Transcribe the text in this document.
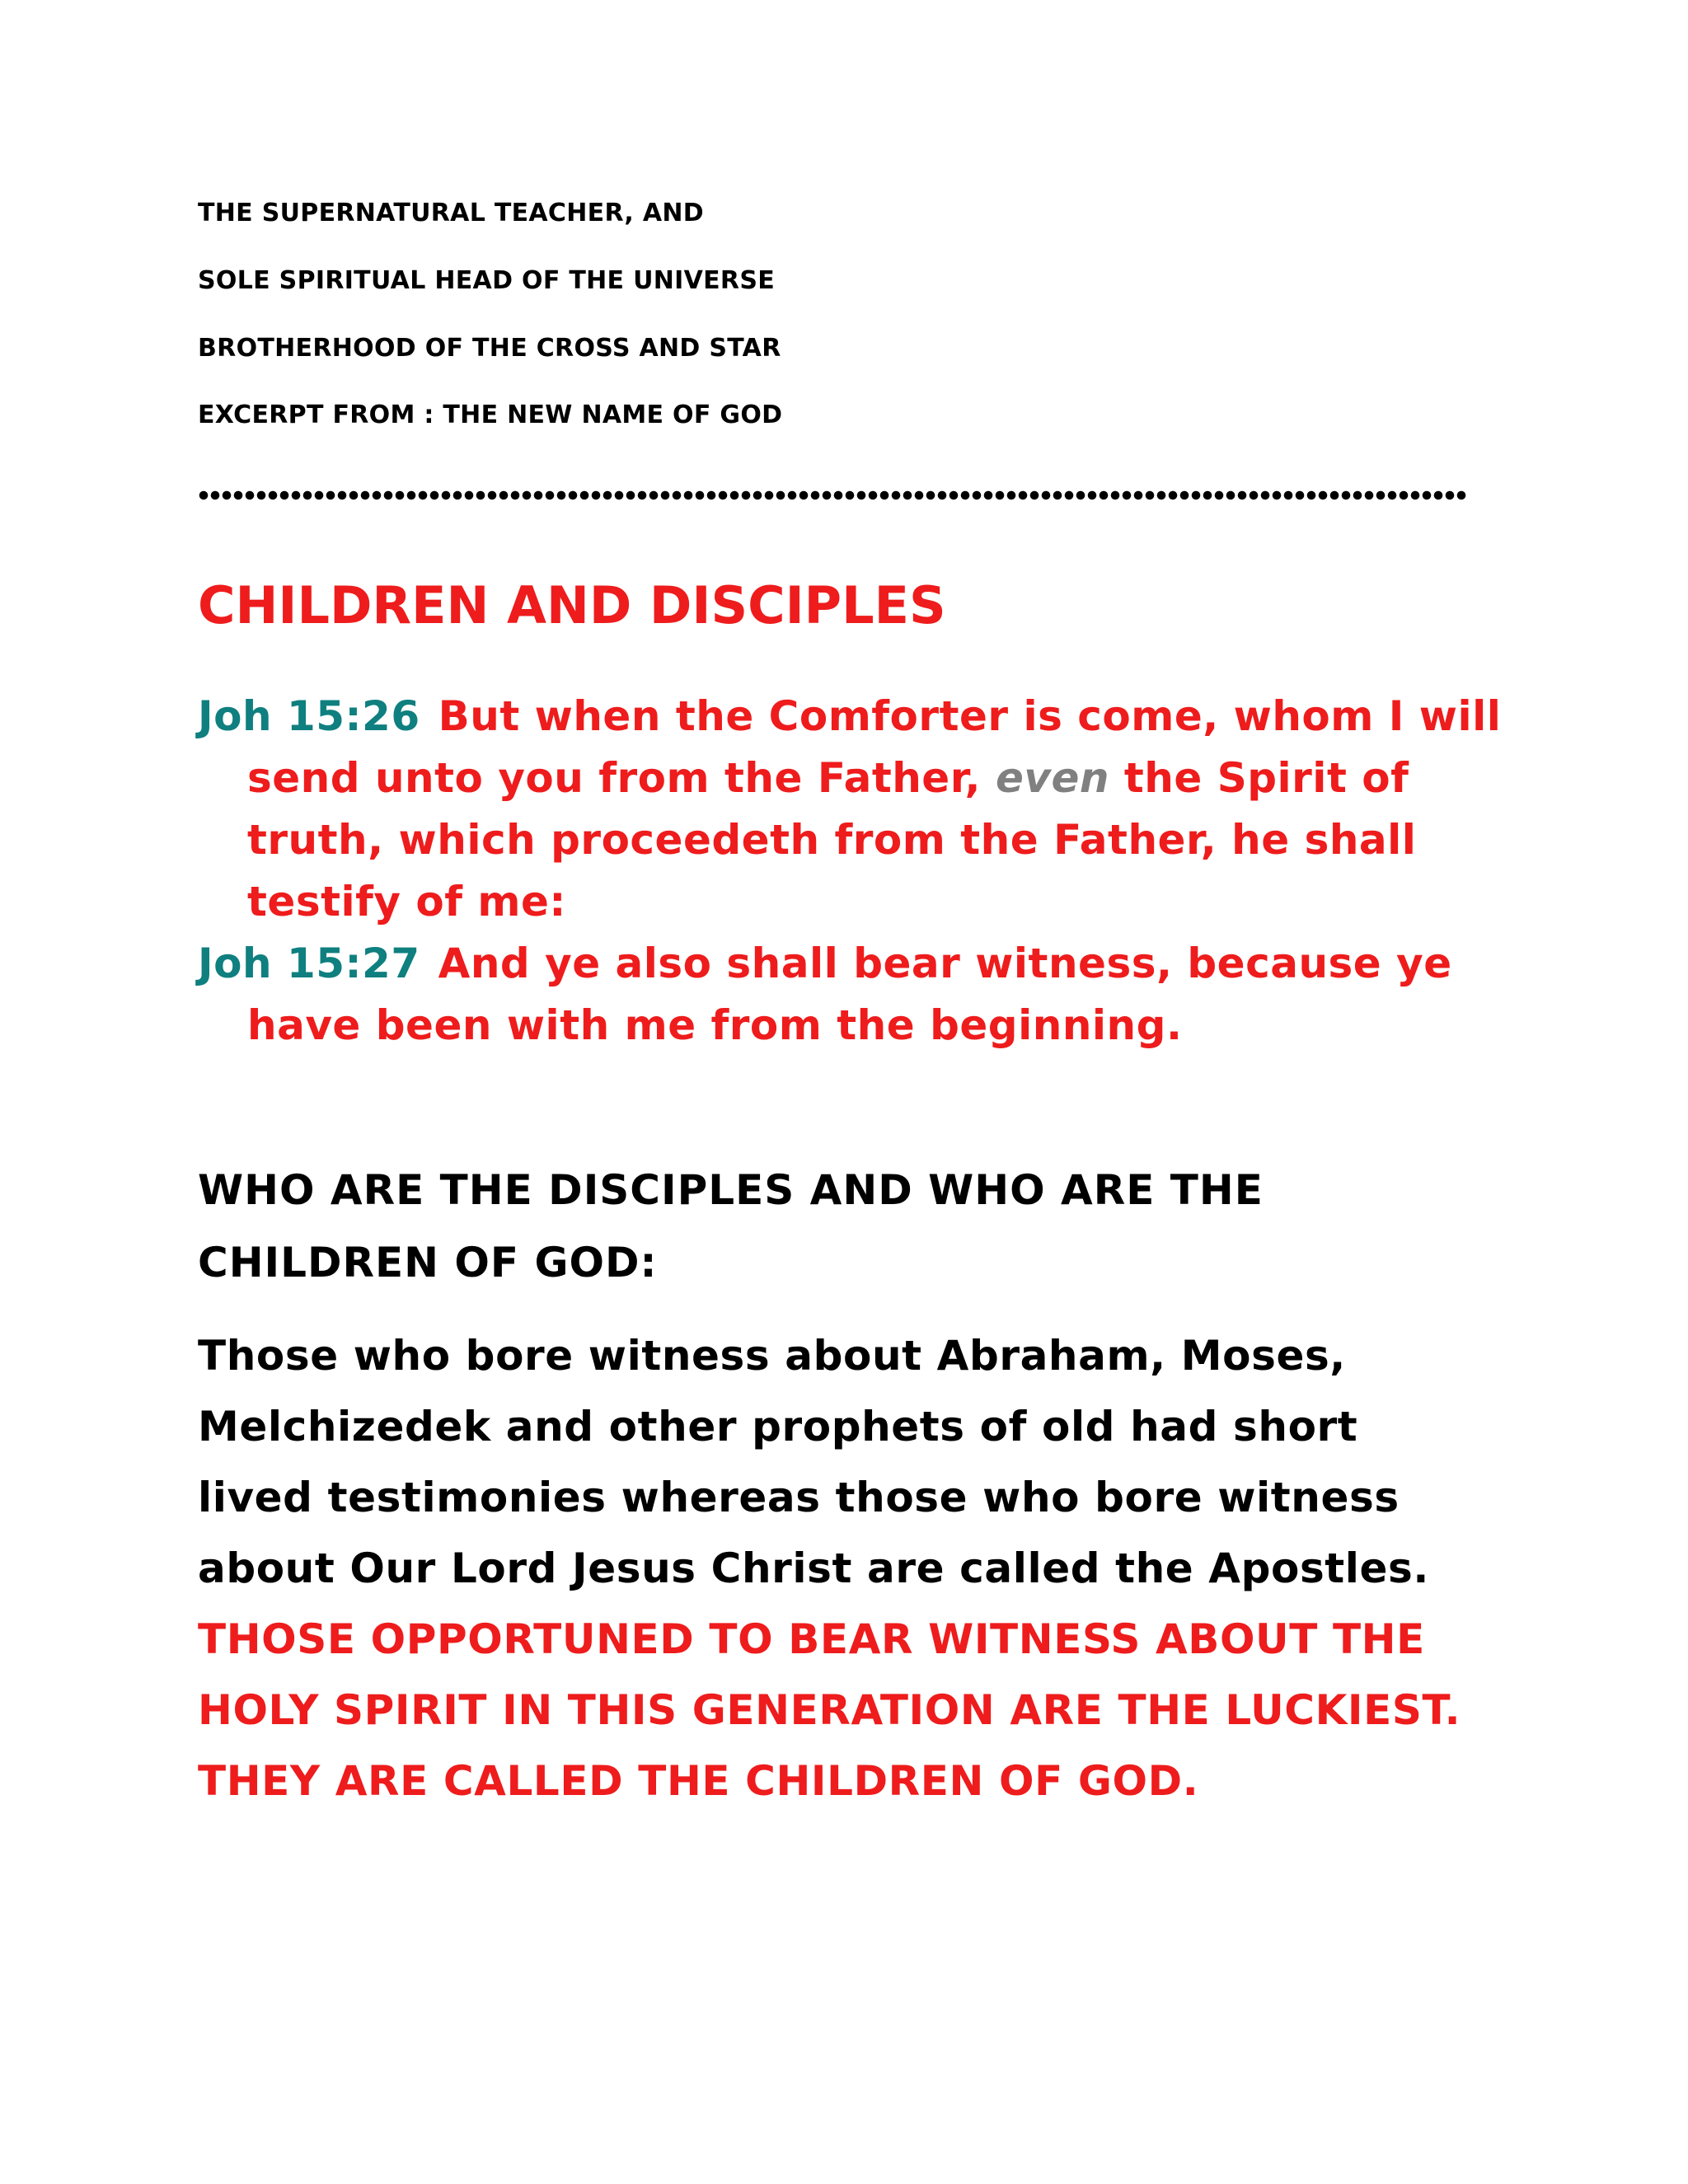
THE SUPERNATURAL TEACHER, AND
SOLE SPIRITUAL HEAD OF THE UNIVERSE
BROTHERHOOD OF THE CROSS AND STAR
EXCERPT FROM : THE NEW NAME OF GOD
CHILDREN AND DISCIPLES
Joh 15:26 But when the Comforter is come, whom I will send unto you from the Father, even the Spirit of truth, which proceedeth from the Father, he shall testify of me:
Joh 15:27 And ye also shall bear witness, because ye have been with me from the beginning.
WHO ARE THE DISCIPLES AND WHO ARE THE CHILDREN OF GOD:
Those who bore witness about Abraham, Moses, Melchizedek and other prophets of old had short lived testimonies whereas those who bore witness about Our Lord Jesus Christ are called the Apostles. THOSE OPPORTUNED TO BEAR WITNESS ABOUT THE HOLY SPIRIT IN THIS GENERATION ARE THE LUCKIEST. THEY ARE CALLED THE CHILDREN OF GOD.
